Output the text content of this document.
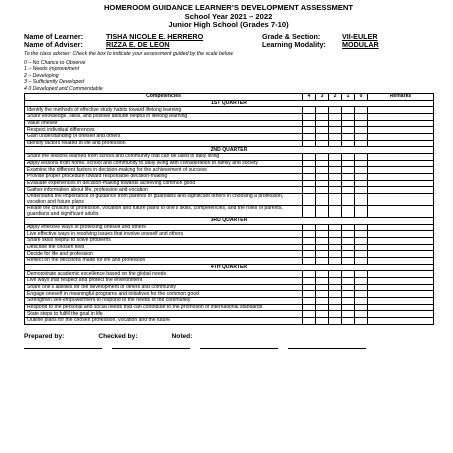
HOMEROOM GUIDANCE LEARNER’S DEVELOPMENT ASSESSMENT
School Year 2021 – 2022
Junior High School (Grades 7-10)
Name of Learner:	TISHA NICOLE E. HERRERO	Grade & Section:	VII-EULER
Name of Adviser:	RIZZA E. DE LEON	Learning Modality:	MODULAR
To the class adviser: Check the box to indicate your assessment guided by the scale below.
0 – No Chance to Observe
1 – Needs improvement
2 – Developing
3 – Sufficiently Developed
4 0 Developed and Commendable
Competencies	4	3	2	1	0	Remarks
1ST QUARTER						
Identify the methods of effective study habits toward lifelong learning						
Share knowledge, skills, and positive attitude helpful in lifelong learning						
Value oneself						
Respect individual differences						
Gain understanding of oneself and others						
Identify factors related to life and profession						
2ND QUARTER						
Share the lessons learned from school and community that can be used in daily living						
Apply lessons from home, school and community to daily living with consideration to family and society						
Examine the different factors in decision-making for the achievement of success						
Provide proper procedure toward responsible decision-making						
Evaluate experiences in decision-making towards achieving common good						
Gather information about life, profession and vocation						
Understand the importance of guidance from parents or guardians and significant others in choosing a profession, vocation and future plans						
Relate the choices of profession, vocation and future plans to one's skills, competencies, and the roles of parents, guardians and significant adults						
3RD QUARTER						
Apply effective ways of protecting oneself and others						
Live effective ways in resolving issues that involve oneself and others						
Share skills helpful to solve problems						
Describe the chosen field						
Decide for life and profession						
Reflect on the decisions made for life and profession						
4TH QUARTER						
Demonstrate academic excellence based on the global needs						
Live ways that respect and protect the environment						
Share one's abilities for the development of others and community						
Engage oneself in meaningful programs and initiatives for the common good						
Strengthen self-empowerment to respond to the needs of the community						
Respond to the personal and social needs that can contribute to the promotion of international standards						
State steps to fulfill the goal in life						
Outline plans for the chosen profession, vocation and the future						
Prepared by:	Checked by:	Noted:
